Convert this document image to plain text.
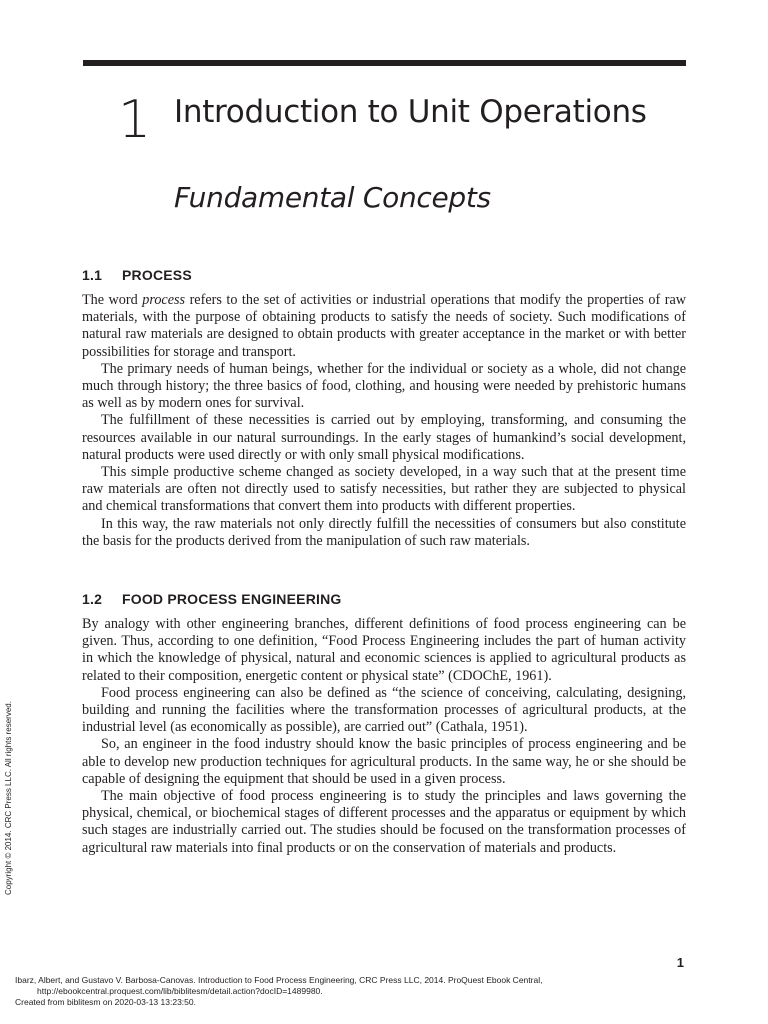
1 Introduction to Unit Operations
Fundamental Concepts
1.1 PROCESS

The word process refers to the set of activities or industrial operations that modify the properties of raw materials, with the purpose of obtaining products to satisfy the needs of society. Such modifications of natural raw materials are designed to obtain products with greater acceptance in the market or with better possibilities for storage and transport.

The primary needs of human beings, whether for the individual or society as a whole, did not change much through history; the three basics of food, clothing, and housing were needed by prehistoric humans as well as by modern ones for survival.

The fulfillment of these necessities is carried out by employing, transforming, and consuming the resources available in our natural surroundings. In the early stages of humankind’s social development, natural products were used directly or with only small physical modifications.

This simple productive scheme changed as society developed, in a way such that at the present time raw materials are often not directly used to satisfy necessities, but rather they are subjected to physical and chemical transformations that convert them into products with different properties.

In this way, the raw materials not only directly fulfill the necessities of consumers but also constitute the basis for the products derived from the manipulation of such raw materials.

1.2 FOOD PROCESS ENGINEERING

By analogy with other engineering branches, different definitions of food process engineering can be given. Thus, according to one definition, “Food Process Engineering includes the part of human activity in which the knowledge of physical, natural and economic sciences is applied to agricultural products as related to their composition, energetic content or physical state” (CDOChE, 1961).

Food process engineering can also be defined as “the science of conceiving, calculating, designing, building and running the facilities where the transformation processes of agricultural products, at the industrial level (as economically as possible), are carried out” (Cathala, 1951).

So, an engineer in the food industry should know the basic principles of process engineering and be able to develop new production techniques for agricultural products. In the same way, he or she should be capable of designing the equipment that should be used in a given process.

The main objective of food process engineering is to study the principles and laws governing the physical, chemical, or biochemical stages of different processes and the apparatus or equipment by which such stages are industrially carried out. The studies should be focused on the transformation processes of agricultural raw materials into final products or on the conservation of materials and products.

1
Copyright © 2014. CRC Press LLC. All rights reserved.
Ibarz, Albert, and Gustavo V. Barbosa-Canovas. Introduction to Food Process Engineering, CRC Press LLC, 2014. ProQuest Ebook Central,
http://ebookcentral.proquest.com/lib/biblitesm/detail.action?docID=1489980.
Created from biblitesm on 2020-03-13 13:23:50.
